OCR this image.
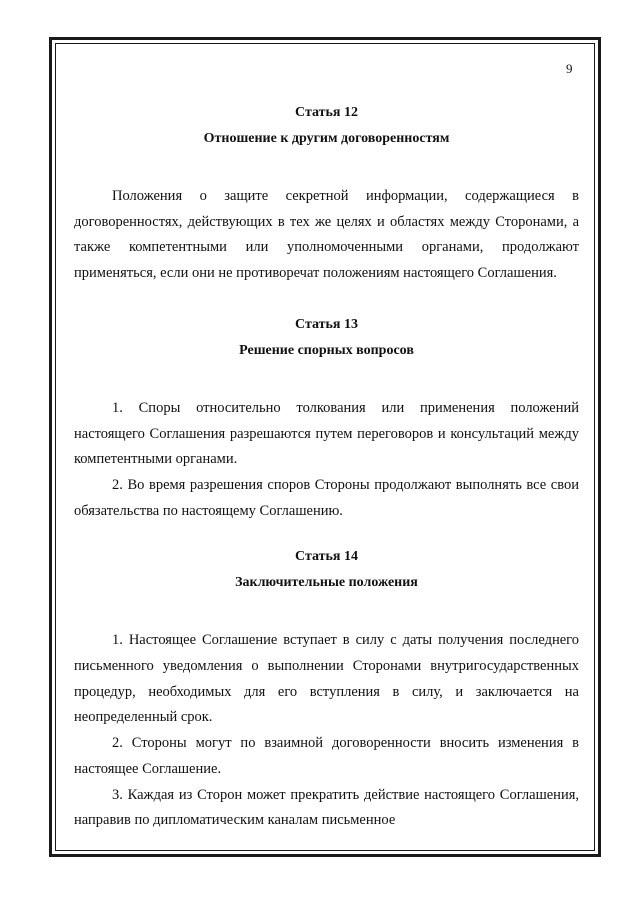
9

Статья 12

Отношение к другим договоренностям

Положения о защите секретной информации, содержащиеся в договоренностях, действующих в тех же целях и областях между Сторонами, а также компетентными или уполномоченными органами, продолжают применяться, если они не противоречат положениям настоящего Соглашения.

Статья 13

Решение спорных вопросов

1. Споры относительно толкования или применения положений настоящего Соглашения разрешаются путем переговоров и консультаций между компетентными органами.

2. Во время разрешения споров Стороны продолжают выполнять все свои обязательства по настоящему Соглашению.

Статья 14

Заключительные положения

1. Настоящее Соглашение вступает в силу с даты получения последнего письменного уведомления о выполнении Сторонами внутригосударственных процедур, необходимых для его вступления в силу, и заключается на неопределенный срок.

2. Стороны могут по взаимной договоренности вносить изменения в настоящее Соглашение.

3. Каждая из Сторон может прекратить действие настоящего Соглашения, направив по дипломатическим каналам письменное
